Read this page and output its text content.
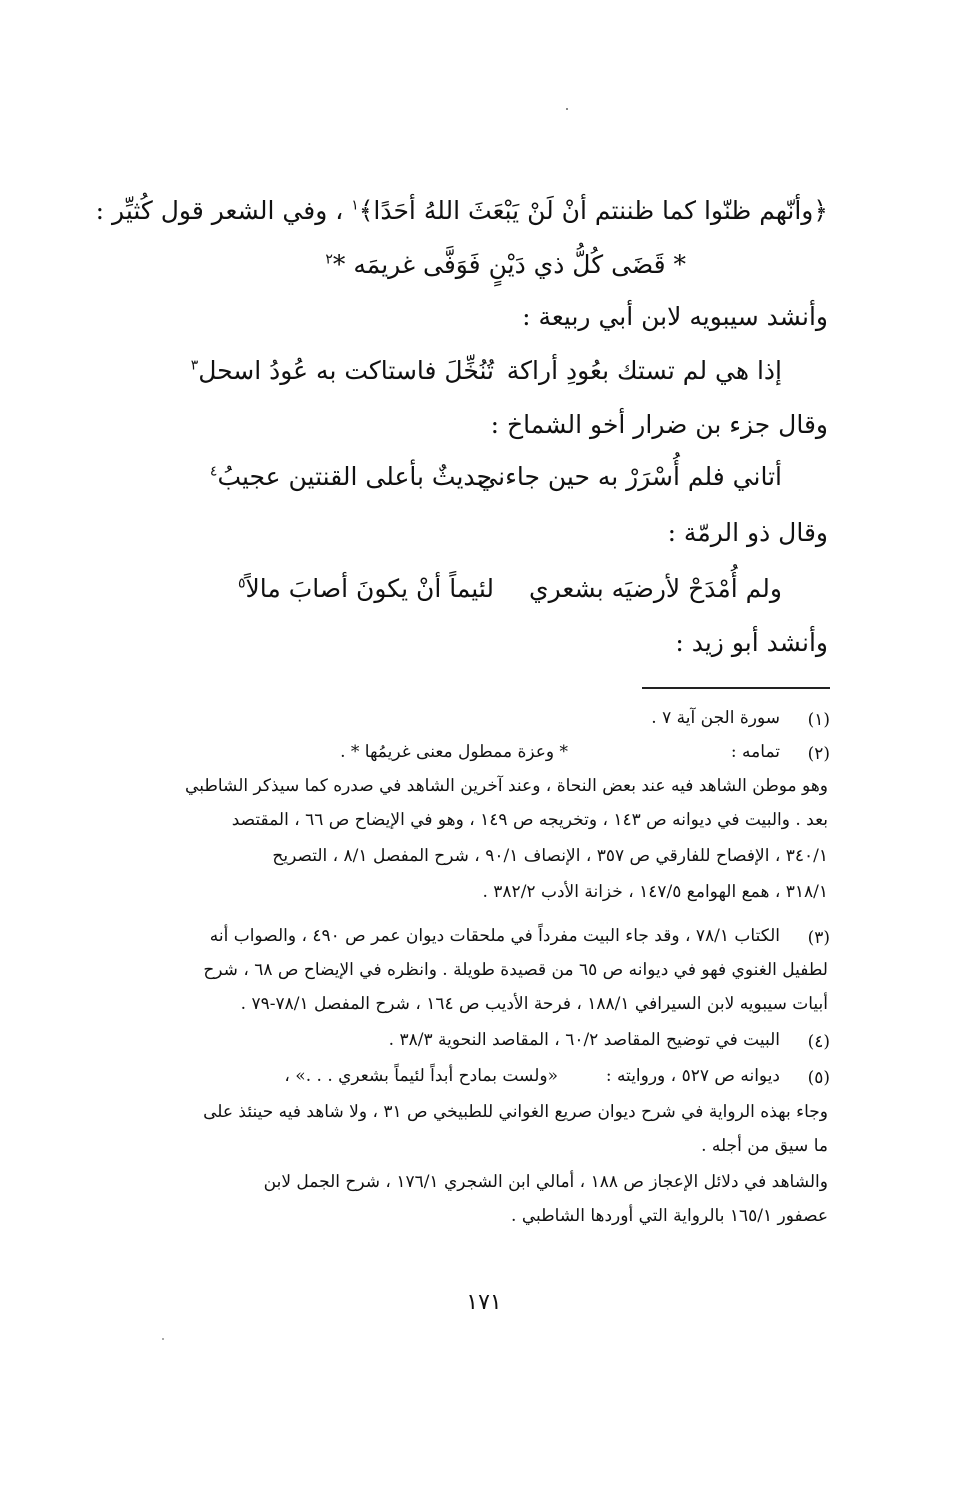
﴿وأنّهم ظنّوا كما ظننتم أنْ لَنْ يَبْعَثَ اللهُ أحَدًا﴾$^١$ ، وفي الشعر قول كُثيِّر :
* قَضَى كُلُّ ذي دَيْنٍ فَوَفَّى غريمَه *$^٢$
وأنشد سيبويه لابن أبي ربيعة :
إذا هي لم تستك بعُودِ أراكة
تُنُخِّلَ فاستاكت به عُودُ اسحل$^٣$
وقال جزء بن ضرار أخو الشماخ :
أتاني فلم أُسْرَرْ به حين جاءني
حديثٌ بأعلى القنتين عجيبُ$^٤$
وقال ذو الرمّة :
ولم أُمْدَحْ لأرضيَه بشعري
لئيماً أنْ يكونَ أصابَ مالاً$^٥$
وأنشد أبو زيد :
(١)
سورة الجن آية ٧ .
(٢)
تمامه :
* وعزة ممطول معنى غريمُها * .
وهو موطن الشاهد فيه عند بعض النحاة ، وعند آخرين الشاهد في صدره كما سيذكر الشاطبي
بعد . والبيت في ديوانه ص ١٤٣ ، وتخريجه ص ١٤٩ ، وهو في الإيضاح ص ٦٦ ، المقتصد
٣٤٠/١ ، الإفصاح للفارقي ص ٣٥٧ ، الإنصاف ٩٠/١ ، شرح المفصل ٨/١ ، التصريح
٣١٨/١ ، همع الهوامع ١٤٧/٥ ، خزانة الأدب ٣٨٢/٢ .
(٣)
الكتاب ٧٨/١ ، وقد جاء البيت مفرداً في ملحقات ديوان عمر ص ٤٩٠ ، والصواب أنه
لطفيل الغنوي فهو في ديوانه ص ٦٥ من قصيدة طويلة . وانظره في الإيضاح ص ٦٨ ، شرح
أبيات سيبويه لابن السيرافي ١٨٨/١ ، فرحة الأديب ص ١٦٤ ، شرح المفصل ٧٨/١-٧٩ .
(٤)
البيت في توضيح المقاصد ٦٠/٢ ، المقاصد النحوية ٣٨/٣ .
(٥)
ديوانه ص ٥٢٧ ، وروايته :
«ولست بمادح أبداً لئيماً بشعري . . .» ،
وجاء بهذه الرواية في شرح ديوان صريع الغواني للطبيخي ص ٣١ ، ولا شاهد فيه حينئذ على
ما سيق من أجله .
والشاهد في دلائل الإعجاز ص ١٨٨ ، أمالي ابن الشجري ١٧٦/١ ، شرح الجمل لابن
عصفور ١٦٥/١ بالرواية التي أوردها الشاطبي .
١٧١
